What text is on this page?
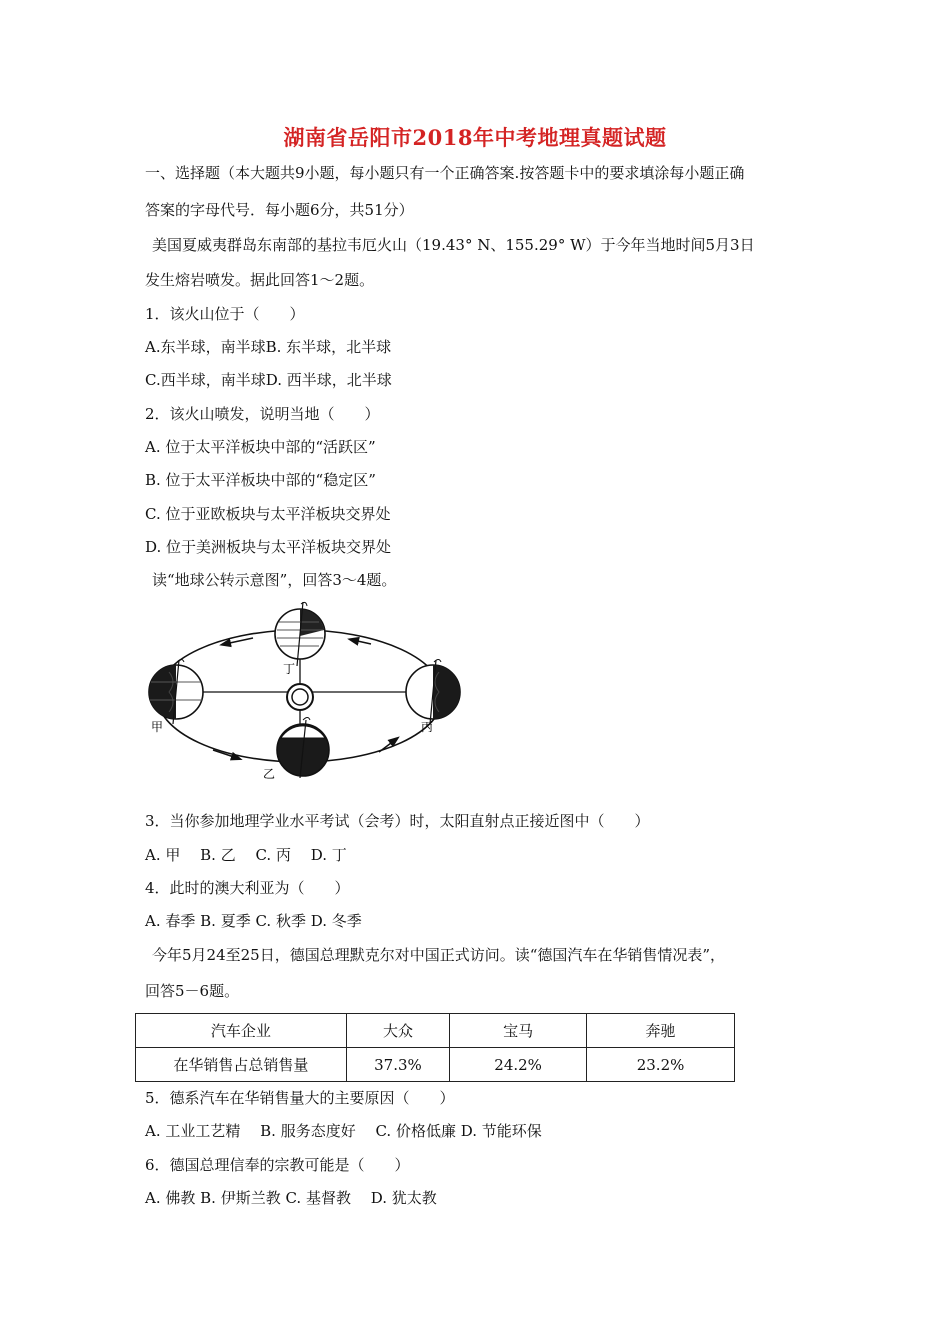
湖南省岳阳市2018年中考地理真题试题
一、选择题（本大题共9小题，每小题只有一个正确答案.按答题卡中的要求填涂每小题正确
答案的字母代号．每小题6分，共51分）
美国夏威夷群岛东南部的基拉韦厄火山（19.43° N、155.29° W）于今年当地时间5月3日
发生熔岩喷发。据此回答1～2题。
1．该火山位于（　　）
A.东半球，南半球B. 东半球，北半球
C.西半球，南半球D. 西半球，北半球
2．该火山喷发，说明当地（　　）
A. 位于太平洋板块中部的“活跃区”
B. 位于太平洋板块中部的“稳定区”
C. 位于亚欧板块与太平洋板块交界处
D. 位于美洲板块与太平洋板块交界处
读“地球公转示意图”，回答3～4题。
甲
乙
丙
丁
3．当你参加地理学业水平考试（会考）时，太阳直射点正接近图中（　　）
A. 甲　 B. 乙　 C. 丙　 D. 丁
4．此时的澳大利亚为（　　）
A. 春季 B. 夏季 C. 秋季 D. 冬季
今年5月24至25日，德国总理默克尔对中国正式访问。读“德国汽车在华销售情况表”，
回答5－6题。
汽车企业	大众	宝马	奔驰
在华销售占总销售量	37.3%	24.2%	23.2%
5．德系汽车在华销售量大的主要原因（　　）
A. 工业工艺精　 B. 服务态度好　 C. 价格低廉 D. 节能环保
6．德国总理信奉的宗教可能是（　　）
A. 佛教 B. 伊斯兰教 C. 基督教　 D. 犹太教
